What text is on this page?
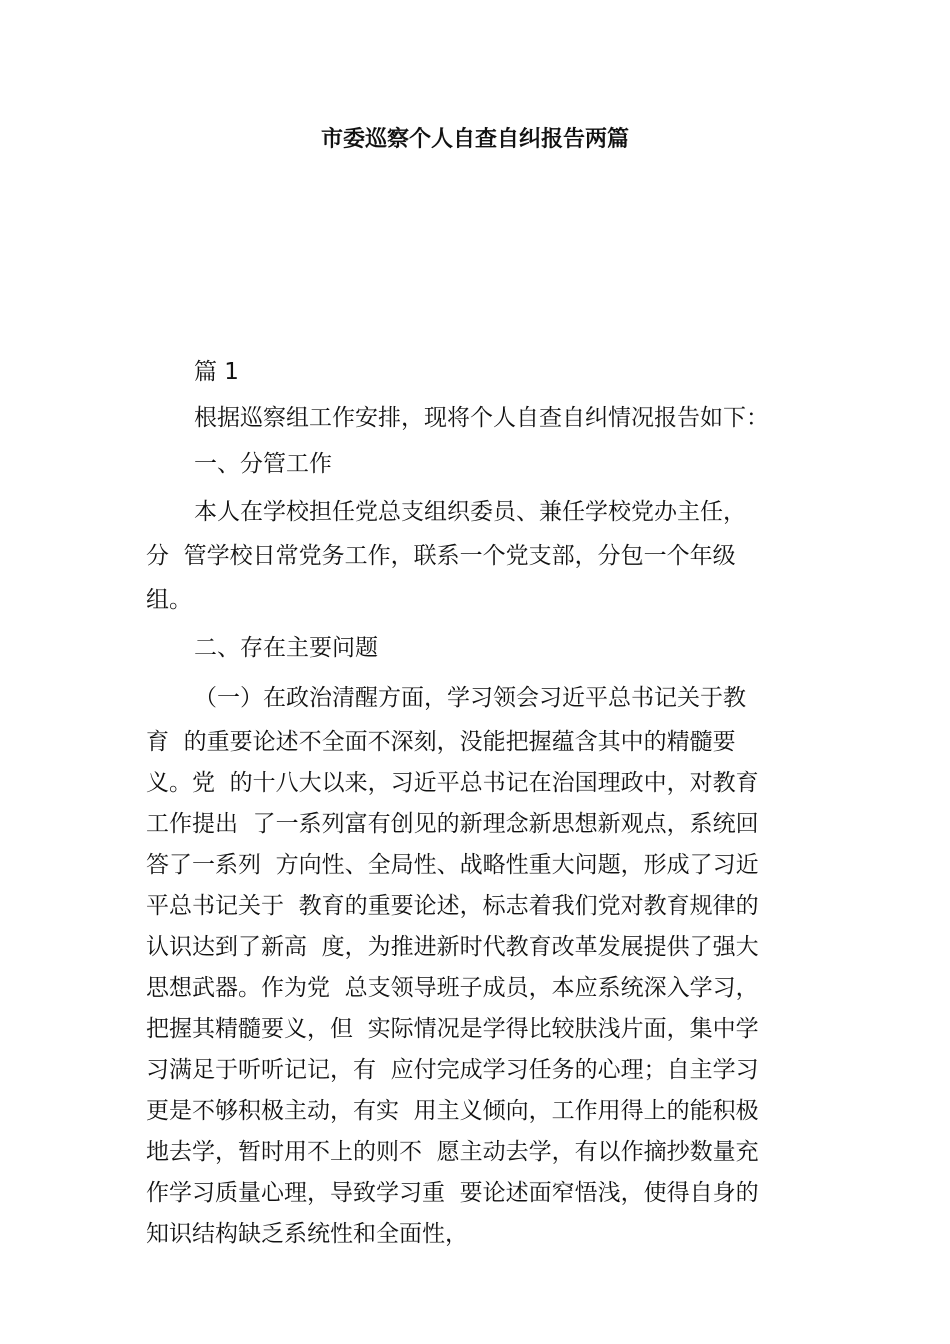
市委巡察个人自查自纠报告两篇
篇 1
根据巡察组工作安排，现将个人自查自纠情况报告如下：
一、分管工作
本人在学校担任党总支组织委员、兼任学校党办主任，
分  管学校日常党务工作，联系一个党支部，分包一个年级
组。
二、存在主要问题
（一）在政治清醒方面，学习领会习近平总书记关于教
育  的重要论述不全面不深刻，没能把握蕴含其中的精髓要
义。党  的十八大以来，习近平总书记在治国理政中，对教育
工作提出  了一系列富有创见的新理念新思想新观点，系统回
答了一系列  方向性、全局性、战略性重大问题，形成了习近
平总书记关于  教育的重要论述，标志着我们党对教育规律的
认识达到了新高  度，为推进新时代教育改革发展提供了强大
思想武器。作为党  总支领导班子成员，本应系统深入学习，
把握其精髓要义，但  实际情况是学得比较肤浅片面，集中学
习满足于听听记记，有  应付完成学习任务的心理；自主学习
更是不够积极主动，有实  用主义倾向，工作用得上的能积极
地去学，暂时用不上的则不  愿主动去学，有以作摘抄数量充
作学习质量心理，导致学习重  要论述面窄悟浅，使得自身的
知识结构缺乏系统性和全面性，
